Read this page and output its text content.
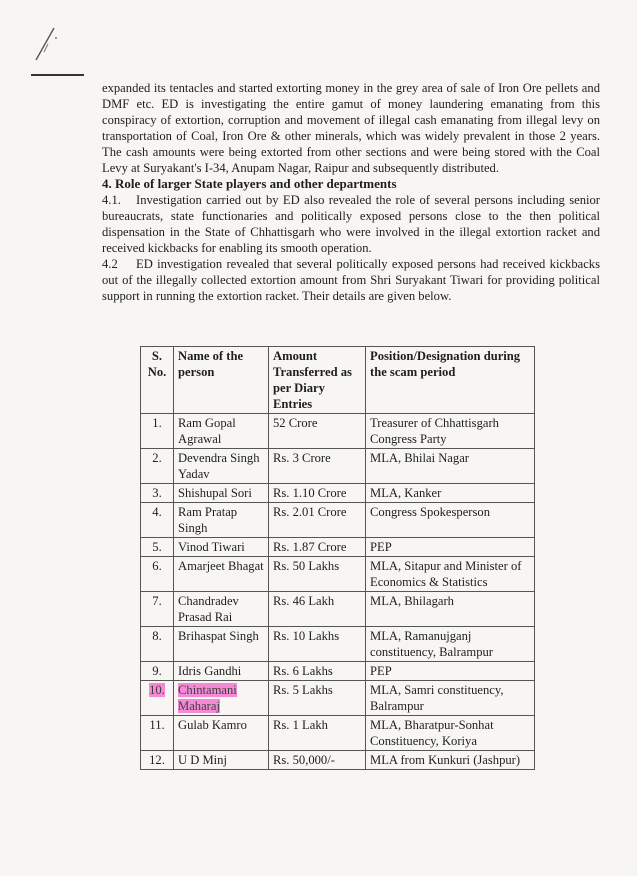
expanded its tentacles and started extorting money in the grey area of sale of Iron Ore pellets and DMF etc. ED is investigating the entire gamut of money laundering emanating from this conspiracy of extortion, corruption and movement of illegal cash emanating from illegal levy on transportation of Coal, Iron Ore & other minerals, which was widely prevalent in those 2 years. The cash amounts were being extorted from other sections and were being stored with the Coal Levy at Suryakant's I-34, Anupam Nagar, Raipur and subsequently distributed.

4. Role of larger State players and other departments

4.1. Investigation carried out by ED also revealed the role of several persons including senior bureaucrats, state functionaries and politically exposed persons close to the then political dispensation in the State of Chhattisgarh who were involved in the illegal extortion racket and received kickbacks for enabling its smooth operation.

4.2 ED investigation revealed that several politically exposed persons had received kickbacks out of the illegally collected extortion amount from Shri Suryakant Tiwari for providing political support in running the extortion racket. Their details are given below.

S. No.	Name of the person	Amount Transferred as per Diary Entries	Position/Designation during the scam period
1.	Ram Gopal Agrawal	52 Crore	Treasurer of Chhattisgarh Congress Party
2.	Devendra Singh Yadav	Rs. 3 Crore	MLA, Bhilai Nagar
3.	Shishupal Sori	Rs. 1.10 Crore	MLA, Kanker
4.	Ram Pratap Singh	Rs. 2.01 Crore	Congress Spokesperson
5.	Vinod Tiwari	Rs. 1.87 Crore	PEP
6.	Amarjeet Bhagat	Rs. 50 Lakhs	MLA, Sitapur and Minister of Economics & Statistics
7.	Chandradev Prasad Rai	Rs. 46 Lakh	MLA, Bhilagarh
8.	Brihaspat Singh	Rs. 10 Lakhs	MLA, Ramanujganj constituency, Balrampur
9.	Idris Gandhi	Rs. 6 Lakhs	PEP
10.	Chintamani Maharaj	Rs. 5 Lakhs	MLA, Samri constituency, Balrampur
11.	Gulab Kamro	Rs. 1 Lakh	MLA, Bharatpur-Sonhat Constituency, Koriya
12.	U D Minj	Rs. 50,000/-	MLA from Kunkuri (Jashpur)
